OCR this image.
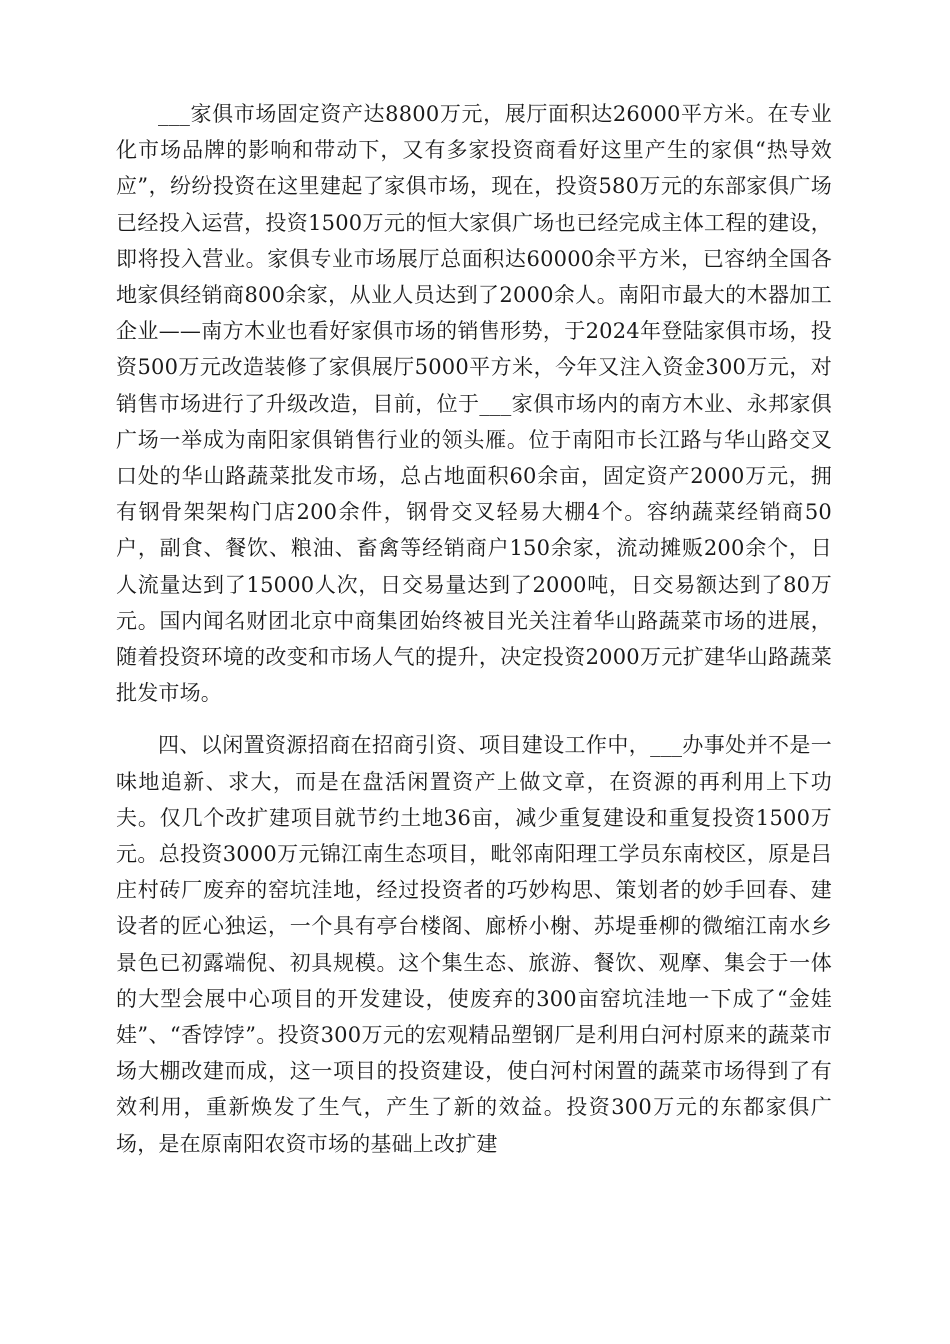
___家俱市场固定资产达8800万元，展厅面积达26000平方米。在专业化市场品牌的影响和带动下，又有多家投资商看好这里产生的家俱“热导效应”，纷纷投资在这里建起了家俱市场，现在，投资580万元的东部家俱广场已经投入运营，投资1500万元的恒大家俱广场也已经完成主体工程的建设，即将投入营业。家俱专业市场展厅总面积达60000余平方米，已容纳全国各地家俱经销商800余家，从业人员达到了2000余人。南阳市最大的木器加工企业——南方木业也看好家俱市场的销售形势，于2024年登陆家俱市场，投资500万元改造装修了家俱展厅5000平方米，今年又注入资金300万元，对销售市场进行了升级改造，目前，位于___家俱市场内的南方木业、永邦家俱广场一举成为南阳家俱销售行业的领头雁。位于南阳市长江路与华山路交叉口处的华山路蔬菜批发市场，总占地面积60余亩，固定资产2000万元，拥有钢骨架架构门店200余件，钢骨交叉轻易大棚4个。容纳蔬菜经销商50户，副食、餐饮、粮油、畜禽等经销商户150余家，流动摊贩200余个，日人流量达到了15000人次，日交易量达到了2000吨，日交易额达到了80万元。国内闻名财团北京中商集团始终被目光关注着华山路蔬菜市场的进展，随着投资环境的改变和市场人气的提升，决定投资2000万元扩建华山路蔬菜批发市场。

四、以闲置资源招商在招商引资、项目建设工作中，___办事处并不是一味地追新、求大，而是在盘活闲置资产上做文章，在资源的再利用上下功夫。仅几个改扩建项目就节约土地36亩，减少重复建设和重复投资1500万元。总投资3000万元锦江南生态项目，毗邻南阳理工学员东南校区，原是吕庄村砖厂废弃的窑坑洼地，经过投资者的巧妙构思、策划者的妙手回春、建设者的匠心独运，一个具有亭台楼阁、廊桥小榭、苏堤垂柳的微缩江南水乡景色已初露端倪、初具规模。这个集生态、旅游、餐饮、观摩、集会于一体的大型会展中心项目的开发建设，使废弃的300亩窑坑洼地一下成了“金娃娃”、“香饽饽”。投资300万元的宏观精品塑钢厂是利用白河村原来的蔬菜市场大棚改建而成，这一项目的投资建设，使白河村闲置的蔬菜市场得到了有效利用，重新焕发了生气，产生了新的效益。投资300万元的东都家俱广场，是在原南阳农资市场的基础上改扩建
